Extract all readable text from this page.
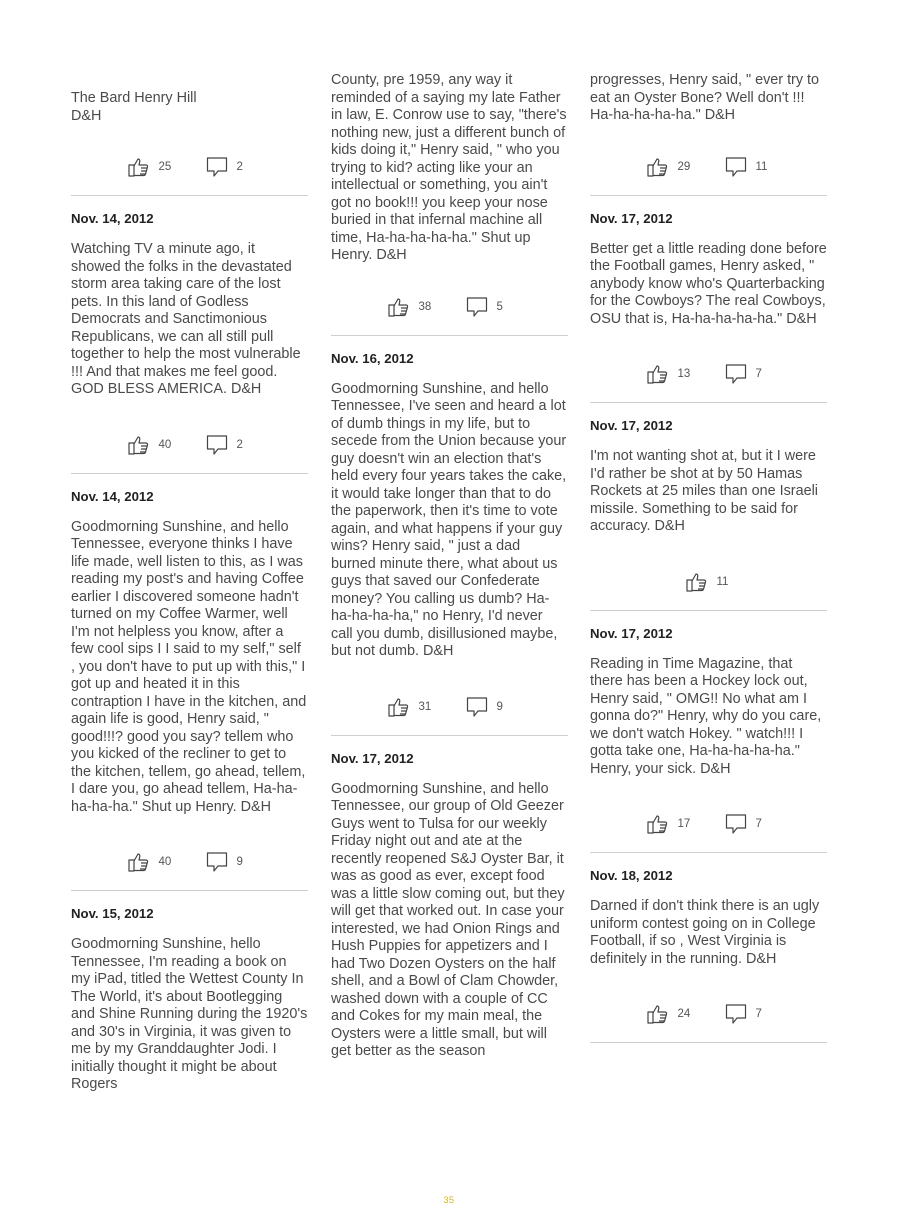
The Bard Henry Hill
D&H

25	2

Nov. 14, 2012

Watching TV a minute ago, it showed the folks in the devastated storm area taking care of the lost pets. In this land of Godless Democrats and Sanctimonious Republicans, we can all still pull together to help the most vulnerable !!! And that makes me feel good. GOD BLESS AMERICA. D&H

40	2

Nov. 14, 2012

Goodmorning Sunshine, and hello Tennessee, everyone thinks I have life made, well listen to this, as I was reading my post's and having Coffee earlier I discovered someone hadn't turned on my Coffee Warmer, well I'm not helpless you know, after a few cool sips I I said to my self," self , you don't have to put up with this," I got up and heated it in this contraption I have in the kitchen, and again life is good, Henry said, " good!!!? good you say? tellem who you kicked of the recliner to get to the kitchen, tellem, go ahead, tellem, I dare you, go ahead tellem, Ha-ha-ha-ha-ha." Shut up Henry. D&H

40	9

Nov. 15, 2012

Goodmorning Sunshine, hello Tennessee, I'm reading a book on my iPad, titled the Wettest County In The World, it's about Bootlegging and Shine Running during the 1920's and 30's in Virginia, it was given to me by my Granddaughter Jodi. I initially thought it might be about Rogers

County, pre 1959, any way it reminded of a saying my late Father in law, E. Conrow use to say, "there's nothing new, just a different bunch of kids doing it," Henry said, " who you trying to kid? acting like your an intellectual or something, you ain't got no book!!! you keep your nose buried in that infernal machine all time, Ha-ha-ha-ha-ha." Shut up Henry. D&H

38	5

Nov. 16, 2012

Goodmorning Sunshine, and hello Tennessee, I've seen and heard a lot of dumb things in my life, but to secede from the Union because your guy doesn't win an election that's held every four years takes the cake, it would take longer than that to do the paperwork, then it's time to vote again, and what happens if your guy wins? Henry said, " just a dad burned minute there, what about us guys that saved our Confederate money? You calling us dumb? Ha-ha-ha-ha-ha," no Henry, I'd never call you dumb, disillusioned maybe, but not dumb. D&H

31	9

Nov. 17, 2012

Goodmorning Sunshine, and hello Tennessee, our group of Old Geezer Guys went to Tulsa for our weekly Friday night out and ate at the recently reopened S&J Oyster Bar, it was as good as ever, except food was a little slow coming out, but they will get that worked out. In case your interested, we had Onion Rings and Hush Puppies for appetizers and I had Two Dozen Oysters on the half shell, and a Bowl of Clam Chowder, washed down with a couple of CC and Cokes for my main meal, the Oysters were a little small, but will get better as the season

progresses, Henry said, " ever try to eat an Oyster Bone? Well don't !!! Ha-ha-ha-ha-ha." D&H

29	11

Nov. 17, 2012

Better get a little reading done before the Football games, Henry asked, " anybody know who's Quarterbacking for the Cowboys? The real Cowboys, OSU that is, Ha-ha-ha-ha-ha." D&H

13	7

Nov. 17, 2012

I'm not wanting shot at, but it I were I'd rather be shot at by 50 Hamas Rockets at 25 miles than one Israeli missile. Something to be said for accuracy. D&H

11

Nov. 17, 2012

Reading in Time Magazine, that there has been a Hockey lock out, Henry said, " OMG!! No what am I gonna do?" Henry, why do you care, we don't watch Hokey. " watch!!! I gotta take one, Ha-ha-ha-ha-ha." Henry, your sick. D&H

17	7

Nov. 18, 2012

Darned if don't think there is an ugly uniform contest going on in College Football, if so , West Virginia is definitely in the running. D&H

24	7
35
